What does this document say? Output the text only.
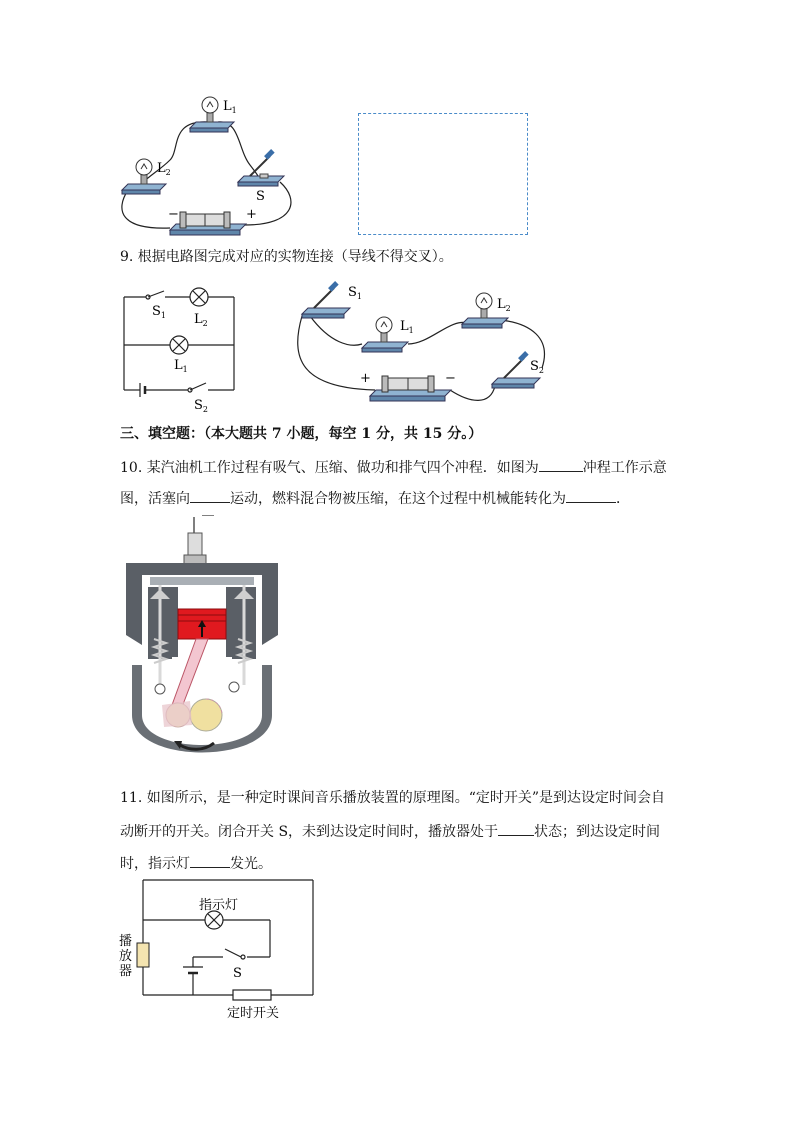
$L_1$
$L_2$
S
−	+
9. 根据电路图完成对应的实物连接（导线不得交叉）。
$S_1$ $L_2$
$L_1$
$S_2$
$S_1$
$L_1$
$L_2$
+	−
$S_2$
三、填空题：（本大题共 7 小题，每空 1 分，共 15 分。）
10. 某汽油机工作过程有吸气、压缩、做功和排气四个冲程．如图为	冲程工作示意
图，活塞向	运动，燃料混合物被压缩，在这个过程中机械能转化为	．
11. 如图所示，是一种定时课间音乐播放装置的原理图。“定时开关”是到达设定时间会自
动断开的开关。闭合开关 S，未到达设定时间时，播放器处于	状态；到达设定时间
时，指示灯	发光。
指示灯
播
放
器	S
定时开关
